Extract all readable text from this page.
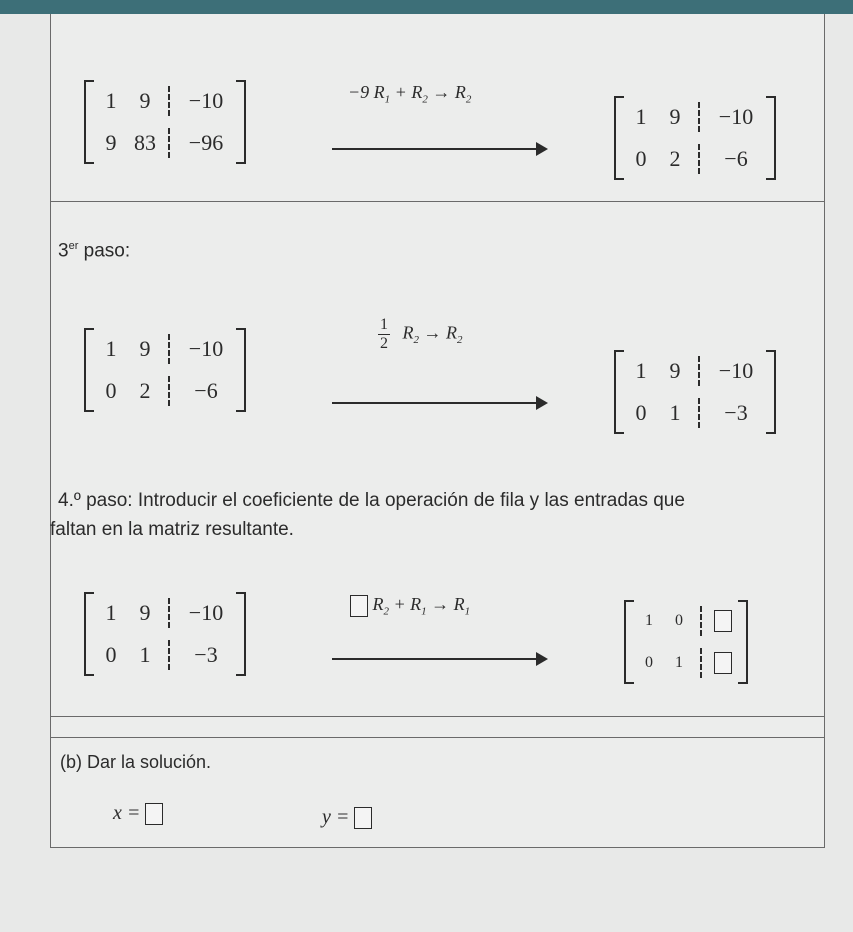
1 9 −10
9 83 −96
−9 $R_1 + R_2 \to R_2$
1 9 −10
0 2 −6
3er paso:
1 9 −10
0 2 −6
$\frac{1}{2} R_2 \to R_2$
1 9 −10
0 1 −3
4.º paso: Introducir el coeficiente de la operación de fila y las entradas que
faltan en la matriz resultante.
1 9 −10
0 1 −3
$R_2 + R_1 \to R_1$
1 0
0 1
(b) Dar la solución.
x =	y =
